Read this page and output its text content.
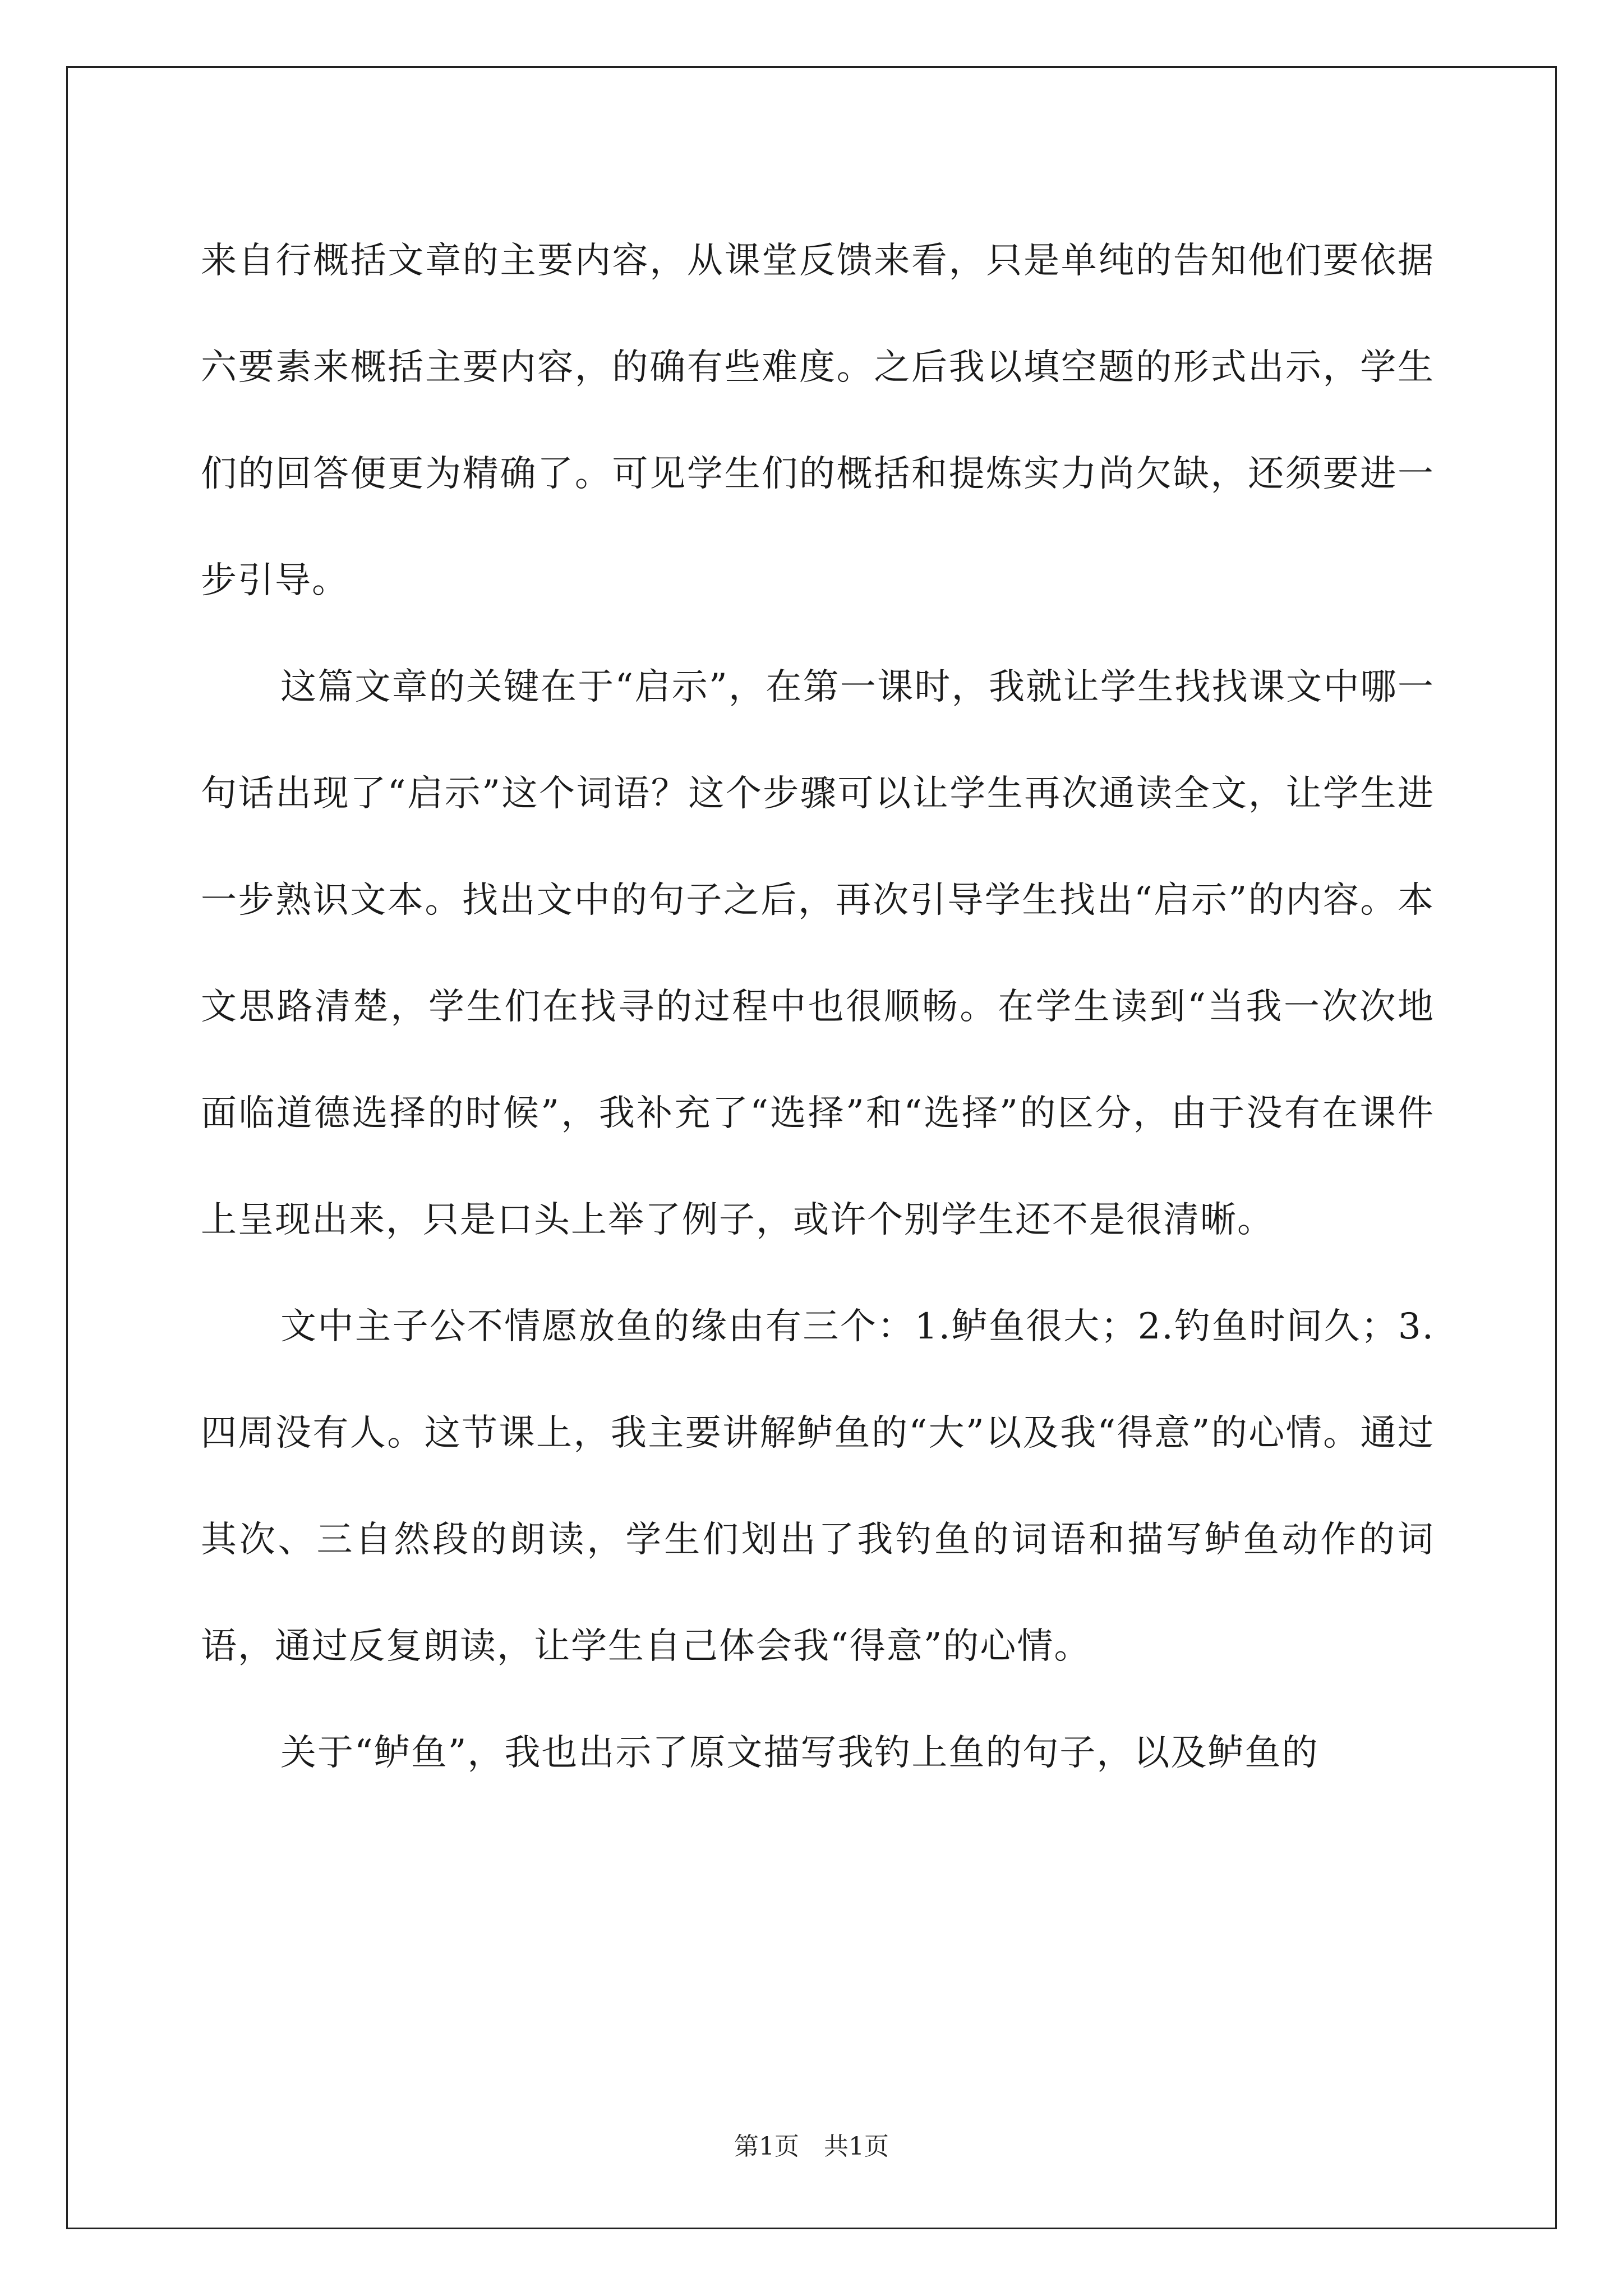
来自行概括文章的主要内容，从课堂反馈来看，只是单纯的告知他们要依据六要素来概括主要内容，的确有些难度。之后我以填空题的形式出示，学生们的回答便更为精确了。可见学生们的概括和提炼实力尚欠缺，还须要进一步引导。

这篇文章的关键在于“启示”，在第一课时，我就让学生找找课文中哪一句话出现了“启示”这个词语？这个步骤可以让学生再次通读全文，让学生进一步熟识文本。找出文中的句子之后，再次引导学生找出“启示”的内容。本文思路清楚，学生们在找寻的过程中也很顺畅。在学生读到“当我一次次地面临道德选择的时候”，我补充了“选择”和“选择”的区分，由于没有在课件上呈现出来，只是口头上举了例子，或许个别学生还不是很清晰。

文中主子公不情愿放鱼的缘由有三个：1.鲈鱼很大；2.钓鱼时间久；3.四周没有人。这节课上，我主要讲解鲈鱼的“大”以及我“得意”的心情。通过其次、三自然段的朗读，学生们划出了我钓鱼的词语和描写鲈鱼动作的词语，通过反复朗读，让学生自己体会我“得意”的心情。

关于“鲈鱼”，我也出示了原文描写我钓上鱼的句子，以及鲈鱼的

第1页　共1页
